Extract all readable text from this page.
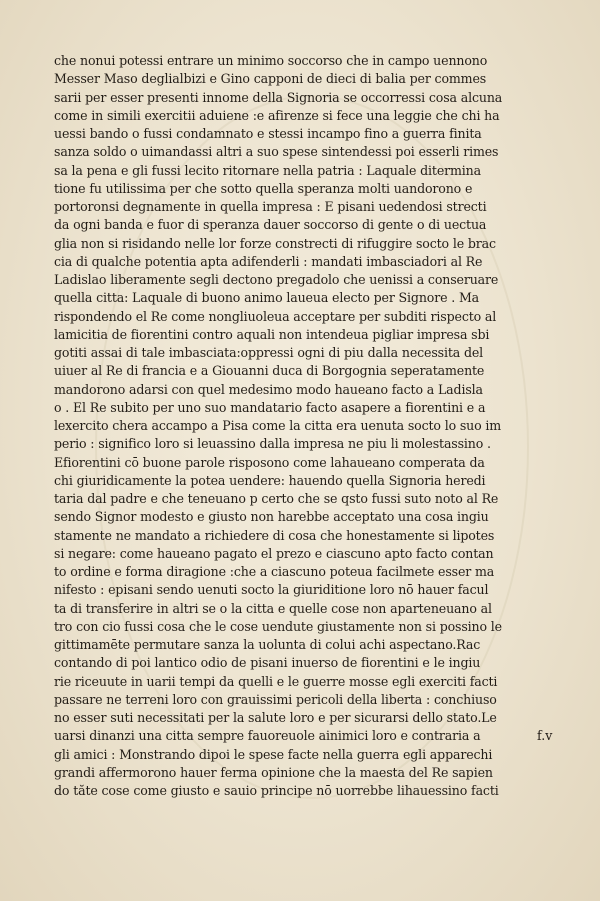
che nonui potessi entrare un minimo soccorso che in campo uennono
Messer Maso deglialbizi e Gino capponi de dieci di balia per commes
sarii per esser presenti innome della Signoria se occorressi cosa alcuna
come in simili exercitii aduiene :e afirenze si fece una leggie che chi ha
uessi bando o fussi condamnato e stessi incampo fino a guerra finita
sanza soldo o uimandassi altri a suo spese sintendessi poi esserli rimes
sa la pena e gli fussi lecito ritornare nella patria : Laquale ditermina
tione fu utilissima per che sotto quella speranza molti uandorono e
portoronsi degnamente in quella impresa : E pisani uedendosi strecti
da ogni banda e fuor di speranza dauer soccorso di gente o di uectua
glia non si risidando nelle lor forze constrecti di rifuggire socto le brac
cia di qualche potentia apta adifenderli : mandati imbasciadori al Re
Ladislao liberamente segli dectono pregadolo che uenissi a conseruare
quella citta: Laquale di buono animo laueua electo per Signore . Ma
rispondendo el Re come nongliuoleua acceptare per subditi rispecto al
lamicitia de fiorentini contro aquali non intendeua pigliar impresa sbi
gotiti assai di tale imbasciata:oppressi ogni di piu dalla necessita del
uiuer al Re di francia e a Giouanni duca di Borgognia seperatamente
mandorono adarsi con quel medesimo modo haueano facto a Ladisla
o . El Re subito per uno suo mandatario facto asapere a fiorentini e a
lexercito chera accampo a Pisa come la citta era uenuta socto lo suo im
perio : significo loro si leuassino dalla impresa ne piu li molestassino .
Efiorentini cō buone parole risposono come lahaueano comperata da
chi giuridicamente la potea uendere: hauendo quella Signoria heredi
taria dal padre e che teneuano p certo che se qsto fussi suto noto al Re
sendo Signor modesto e giusto non harebbe acceptato una cosa ingiu
stamente ne mandato a richiedere di cosa che honestamente si lipotes
si negare: come haueano pagato el prezo e ciascuno apto facto contan
to ordine e forma diragione :che a ciascuno poteua facilmete esser ma
nifesto : episani sendo uenuti socto la giuriditione loro nō hauer facul
ta di transferire in altri se o la citta e quelle cose non aparteneuano al
tro con cio fussi cosa che le cose uendute giustamente non si possino le
gittimamēte permutare sanza la uolunta di colui achi aspectano.Rac
contando di poi lantico odio de pisani inuerso de fiorentini e le ingiu
rie riceuute in uarii tempi da quelli e le guerre mosse egli exerciti facti
passare ne terreni loro con grauissimi pericoli della liberta : conchiuso
no esser suti necessitati per la salute loro e per sicurarsi dello stato.Le
uarsi dinanzi una citta sempre fauoreuole ainimici loro e contraria a
gli amici : Monstrando dipoi le spese facte nella guerra egli apparechi
grandi affermorono hauer ferma opinione che la maesta del Re sapien
do tăte cose come giusto e sauio principe nō uorrebbe lihauessino facti
f.v
